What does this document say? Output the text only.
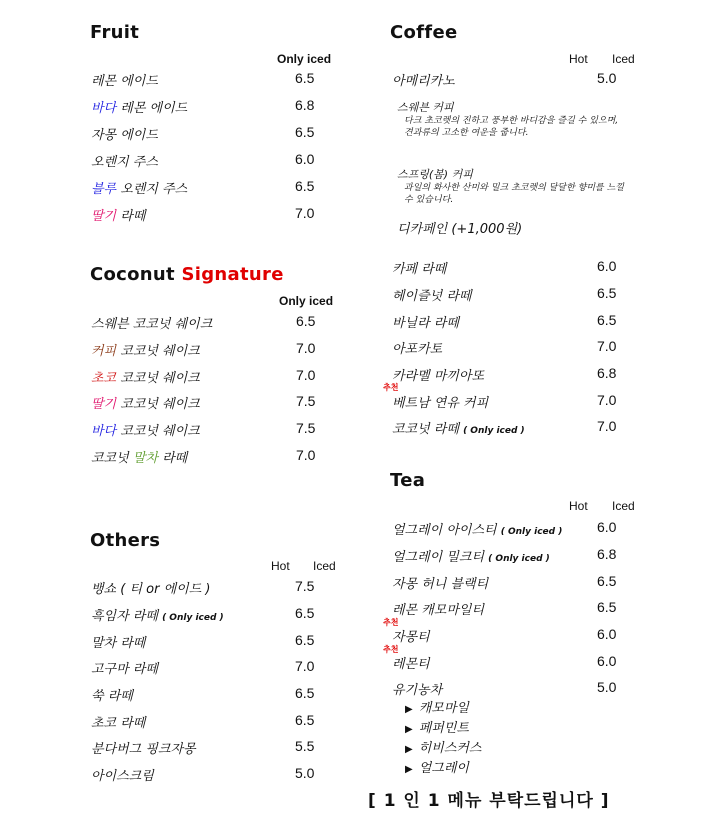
Fruit
Only iced
레몬 에이드	6.5
바다 레몬 에이드	6.8
자몽 에이드	6.5
오렌지 주스	6.0
블루 오렌지 주스	6.5
딸기 라떼	7.0
Coconut Signature
Only iced
스웨븐 코코넛 쉐이크	6.5
커피 코코넛 쉐이크	7.0
초코 코코넛 쉐이크	7.0
딸기 코코넛 쉐이크	7.5
바다 코코넛 쉐이크	7.5
코코넛 말차 라떼	7.0
Others
Hot Iced
뱅쇼 ( 티 or 에이드 )	7.5
흑임자 라떼 ( Only iced )	6.5
말차 라떼	6.5
고구마 라떼	7.0
쑥 라떼	6.5
초코 라떼	6.5
분다버그 핑크자몽	5.5
아이스크림	5.0
Coffee
Hot Iced
아메리카노	5.0
스웨븐 커피
다크 초코렛의 진하고 풍부한 바디감을 즐길 수 있으며, 견과류의 고소한 여운을 줍니다.
스프링(봄) 커피
과일의 화사한 산미와 밀크 초코렛의 달달한 향미를 느낄 수 있습니다.
디카페인 (+1,000원)
카페 라떼	6.0
헤이즐넛 라떼	6.5
바닐라 라떼	6.5
아포카토	7.0
카라멜 마끼아또	6.8
추천
베트남 연유 커피	7.0
코코넛 라떼 ( Only iced )	7.0
Tea
Hot Iced
얼그레이 아이스티 ( Only iced ) 6.0
얼그레이 밀크티 ( Only iced )	6.8
자몽 허니 블랙티	6.5
레몬 캐모마일티	6.5
추천
자몽티	6.0
추천
레몬티	6.0
유기농차	5.0
▶ 캐모마일
▶ 페퍼민트
▶ 히비스커스
▶ 얼그레이
[ 1 인 1 메뉴 부탁드립니다 ]
